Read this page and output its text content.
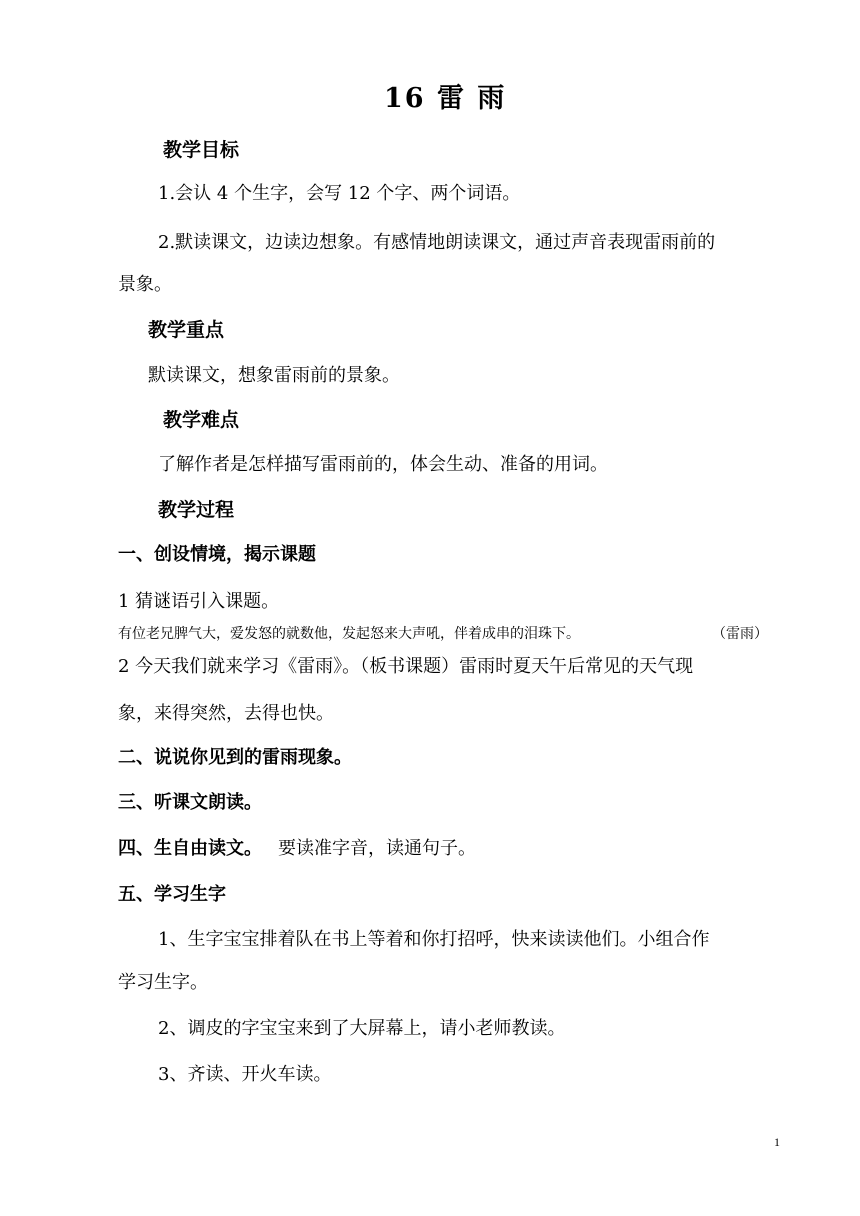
16 雷 雨
教学目标
1.会认 4 个生字，会写 12 个字、两个词语。
2.默读课文，边读边想象。有感情地朗读课文，通过声音表现雷雨前的
景象。
教学重点
默读课文，想象雷雨前的景象。
教学难点
了解作者是怎样描写雷雨前的，体会生动、准备的用词。
教学过程
一、创设情境，揭示课题
1 猜谜语引入课题。
有位老兄脾气大，爱发怒的就数他，发起怒来大声吼，伴着成串的泪珠下。	（雷雨）
2 今天我们就来学习《雷雨》。（板书课题）雷雨时夏天午后常见的天气现
象，来得突然，去得也快。
二、说说你见到的雷雨现象。
三、听课文朗读。
四、生自由读文。 要读准字音，读通句子。
五、学习生字
1、生字宝宝排着队在书上等着和你打招呼，快来读读他们。小组合作
学习生字。
2、调皮的字宝宝来到了大屏幕上，请小老师教读。
3、齐读、开火车读。
1
